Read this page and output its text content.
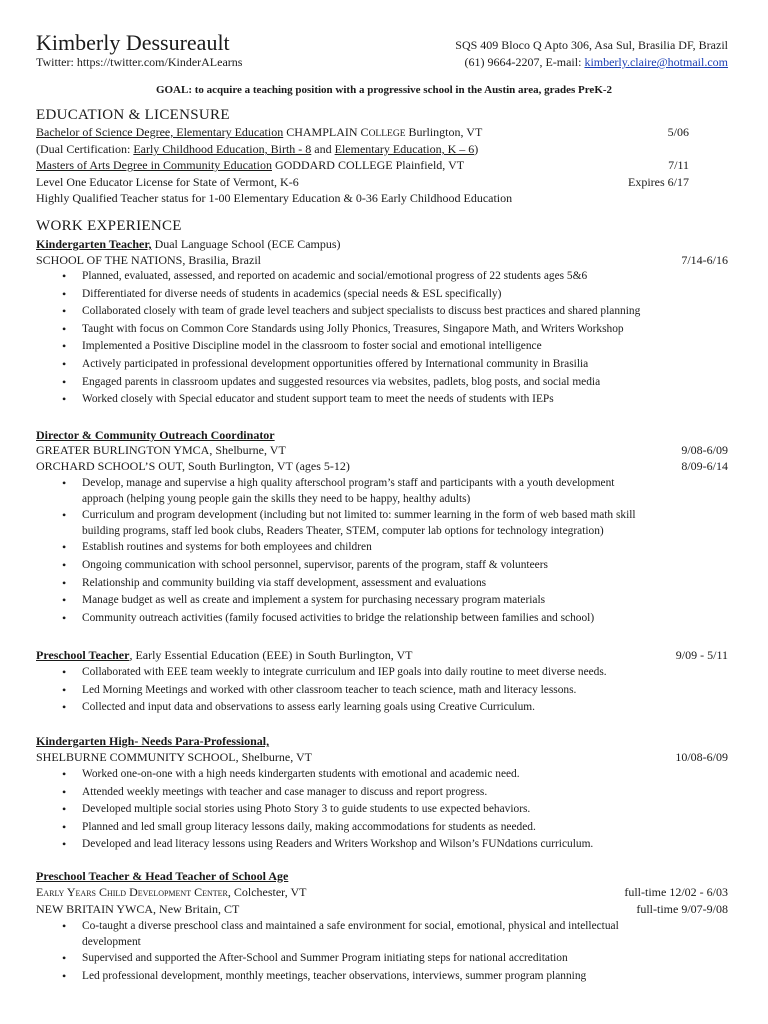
Kimberly Dessureault
Twitter: https://twitter.com/KinderALearns
SQS 409 Bloco Q Apto 306, Asa Sul, Brasilia DF, Brazil
(61) 9664-2207, E-mail: kimberly.claire@hotmail.com
GOAL: to acquire a teaching position with a progressive school in the Austin area, grades PreK-2
EDUCATION & LICENSURE
Bachelor of Science Degree, Elementary Education CHAMPLAIN COLLEGE Burlington, VT	5/06
(Dual Certification: Early Childhood Education, Birth - 8 and Elementary Education, K – 6)
Masters of Arts Degree in Community Education GODDARD COLLEGE Plainfield, VT	7/11
Level One Educator License for State of Vermont, K-6	Expires 6/17
Highly Qualified Teacher status for 1-00 Elementary Education & 0-36 Early Childhood Education
WORK EXPERIENCE
Kindergarten Teacher, Dual Language School (ECE Campus)
SCHOOL OF THE NATIONS, Brasilia, Brazil	7/14-6/16
• Planned, evaluated, assessed, and reported on academic and social/emotional progress of 22 students ages 5&6
• Differentiated for diverse needs of students in academics (special needs & ESL specifically)
• Collaborated closely with team of grade level teachers and subject specialists to discuss best practices and shared planning
• Taught with focus on Common Core Standards using Jolly Phonics, Treasures, Singapore Math, and Writers Workshop
• Implemented a Positive Discipline model in the classroom to foster social and emotional intelligence
• Actively participated in professional development opportunities offered by International community in Brasilia
• Engaged parents in classroom updates and suggested resources via websites, padlets, blog posts, and social media
• Worked closely with Special educator and student support team to meet the needs of students with IEPs
Director & Community Outreach Coordinator
GREATER BURLINGTON YMCA, Shelburne, VT	9/08-6/09
ORCHARD SCHOOL’S OUT, South Burlington, VT (ages 5-12)	8/09-6/14
• Develop, manage and supervise a high quality afterschool program’s staff and participants with a youth development
approach (helping young people gain the skills they need to be happy, healthy adults)
• Curriculum and program development (including but not limited to: summer learning in the form of web based math skill
building programs, staff led book clubs, Readers Theater, STEM, computer lab options for technology integration)
• Establish routines and systems for both employees and children
• Ongoing communication with school personnel, supervisor, parents of the program, staff & volunteers
• Relationship and community building via staff development, assessment and evaluations
• Manage budget as well as create and implement a system for purchasing necessary program materials
• Community outreach activities (family focused activities to bridge the relationship between families and school)
Preschool Teacher, Early Essential Education (EEE) in South Burlington, VT	9/09 - 5/11
• Collaborated with EEE team weekly to integrate curriculum and IEP goals into daily routine to meet diverse needs.
• Led Morning Meetings and worked with other classroom teacher to teach science, math and literacy lessons.
• Collected and input data and observations to assess early learning goals using Creative Curriculum.
Kindergarten High- Needs Para-Professional,
SHELBURNE COMMUNITY SCHOOL, Shelburne, VT	10/08-6/09
• Worked one-on-one with a high needs kindergarten students with emotional and academic need.
• Attended weekly meetings with teacher and case manager to discuss and report progress.
• Developed multiple social stories using Photo Story 3 to guide students to use expected behaviors.
• Planned and led small group literacy lessons daily, making accommodations for students as needed.
• Developed and lead literacy lessons using Readers and Writers Workshop and Wilson’s FUNdations curriculum.
Preschool Teacher & Head Teacher of School Age
Early Years Child Development Center, Colchester, VT	full-time 12/02 - 6/03
NEW BRITAIN YWCA, New Britain, CT	full-time 9/07-9/08
• Co-taught a diverse preschool class and maintained a safe environment for social, emotional, physical and intellectual
development
• Supervised and supported the After-School and Summer Program initiating steps for national accreditation
• Led professional development, monthly meetings, teacher observations, interviews, summer program planning
